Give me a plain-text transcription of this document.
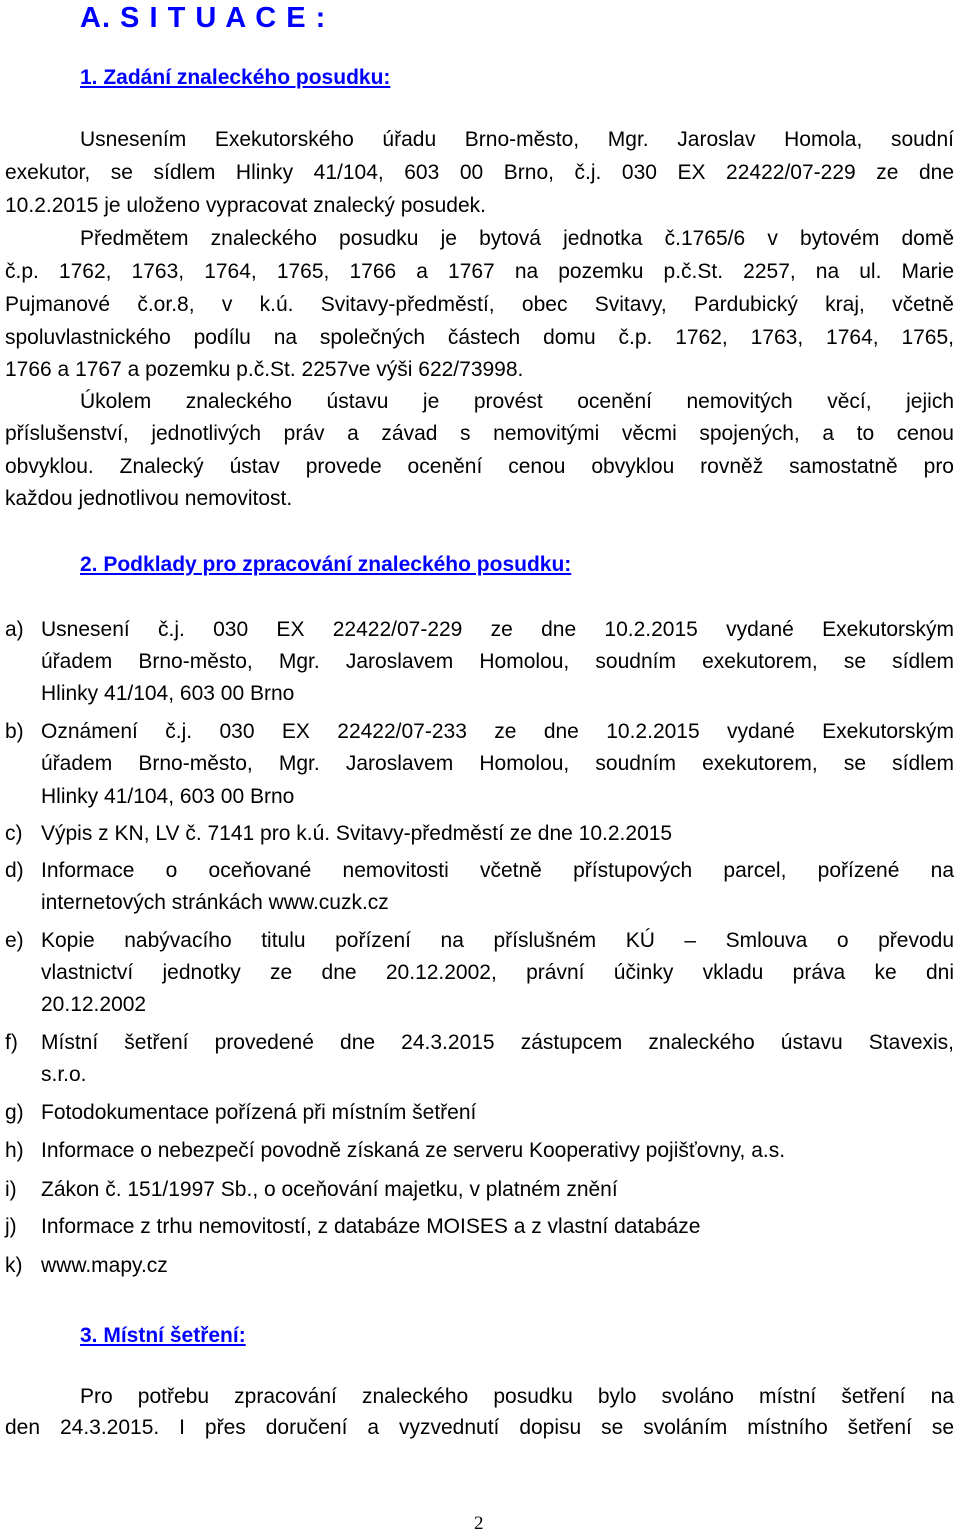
A. S I T U A C E :
1. Zadání znaleckého posudku:
Usnesením Exekutorského úřadu Brno-město, Mgr. Jaroslav Homola, soudní
exekutor, se sídlem Hlinky 41/104, 603 00 Brno, č.j. 030 EX 22422/07-229 ze dne
10.2.2015 je uloženo vypracovat znalecký posudek.
Předmětem znaleckého posudku je bytová jednotka č.1765/6 v bytovém domě
č.p. 1762, 1763, 1764, 1765, 1766 a 1767 na pozemku p.č.St. 2257, na ul. Marie
Pujmanové č.or.8, v k.ú. Svitavy-předměstí, obec Svitavy, Pardubický kraj, včetně
spoluvlastnického podílu na společných částech domu č.p. 1762, 1763, 1764, 1765,
1766 a 1767 a pozemku p.č.St. 2257ve výši 622/73998.
Úkolem znaleckého ústavu je provést ocenění nemovitých věcí, jejich
příslušenství, jednotlivých práv a závad s nemovitými věcmi spojených, a to cenou
obvyklou. Znalecký ústav provede ocenění cenou obvyklou rovněž samostatně pro
každou jednotlivou nemovitost.
2. Podklady pro zpracování znaleckého posudku:
a) Usnesení č.j. 030 EX 22422/07-229 ze dne 10.2.2015 vydané Exekutorským
úřadem Brno-město, Mgr. Jaroslavem Homolou, soudním exekutorem, se sídlem
Hlinky 41/104, 603 00 Brno
b) Oznámení č.j. 030 EX 22422/07-233 ze dne 10.2.2015 vydané Exekutorským
úřadem Brno-město, Mgr. Jaroslavem Homolou, soudním exekutorem, se sídlem
Hlinky 41/104, 603 00 Brno
c) Výpis z KN, LV č. 7141 pro k.ú. Svitavy-předměstí ze dne 10.2.2015
d) Informace o oceňované nemovitosti včetně přístupových parcel, pořízené na
internetových stránkách www.cuzk.cz
e) Kopie nabývacího titulu pořízení na příslušném KÚ – Smlouva o převodu
vlastnictví jednotky ze dne 20.12.2002, právní účinky vkladu práva ke dni
20.12.2002
f) Místní šetření provedené dne 24.3.2015 zástupcem znaleckého ústavu Stavexis,
s.r.o.
g) Fotodokumentace pořízená při místním šetření
h) Informace o nebezpečí povodně získaná ze serveru Kooperativy pojišťovny, a.s.
i) Zákon č. 151/1997 Sb., o oceňování majetku, v platném znění
j) Informace z trhu nemovitostí, z databáze MOISES a z vlastní databáze
k) www.mapy.cz
3. Místní šetření:
Pro potřebu zpracování znaleckého posudku bylo svoláno místní šetření na
den 24.3.2015. I přes doručení a vyzvednutí dopisu se svoláním místního šetření se
2
